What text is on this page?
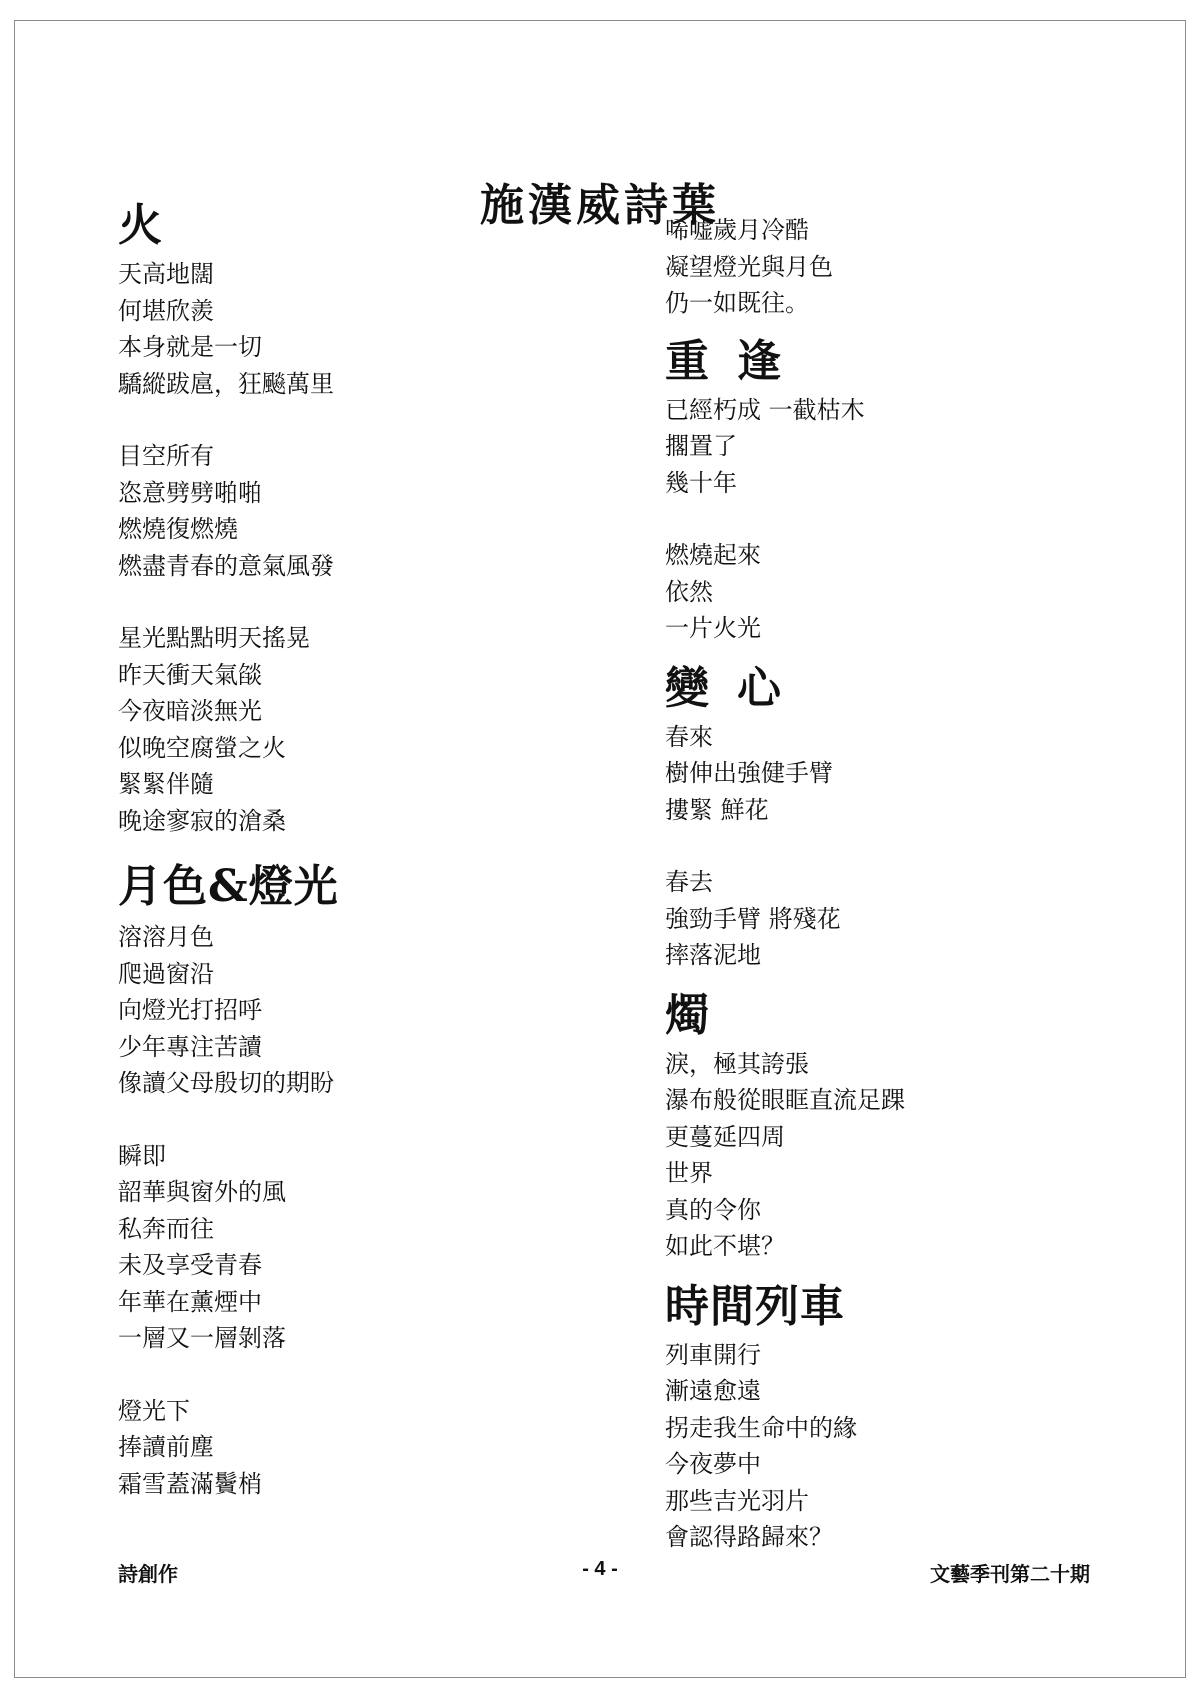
施漢威詩葉
火
天高地闊
何堪欣羨
本身就是一切
驕縱跋扈，狂飈萬里
目空所有
恣意劈劈啪啪
燃燒復燃燒
燃盡青春的意氣風發
星光點點明天搖晃
昨天衝天氣燄
今夜暗淡無光
似晚空腐螢之火
緊緊伴隨
晚途寥寂的滄桑
月色&燈光
溶溶月色
爬過窗沿
向燈光打招呼
少年專注苦讀
像讀父母殷切的期盼
瞬即
韶華與窗外的風
私奔而往
未及享受青春
年華在薰煙中
一層又一層剝落
燈光下
捧讀前塵
霜雪蓋滿鬢梢
唏嘘歲月冷酷
凝望燈光與月色
仍一如既往。
重逢
已經朽成 一截枯木
擱置了
幾十年
燃燒起來
依然
一片火光
變心
春來
樹伸出強健手臂
摟緊 鮮花
春去
強勁手臂 將殘花
摔落泥地
燭
淚，極其誇張
瀑布般從眼眶直流足踝
更蔓延四周
世界
真的令你
如此不堪？
時間列車
列車開行
漸遠愈遠
拐走我生命中的緣
今夜夢中
那些吉光羽片
會認得路歸來？
詩創作	- 4 -	文藝季刊第二十期
